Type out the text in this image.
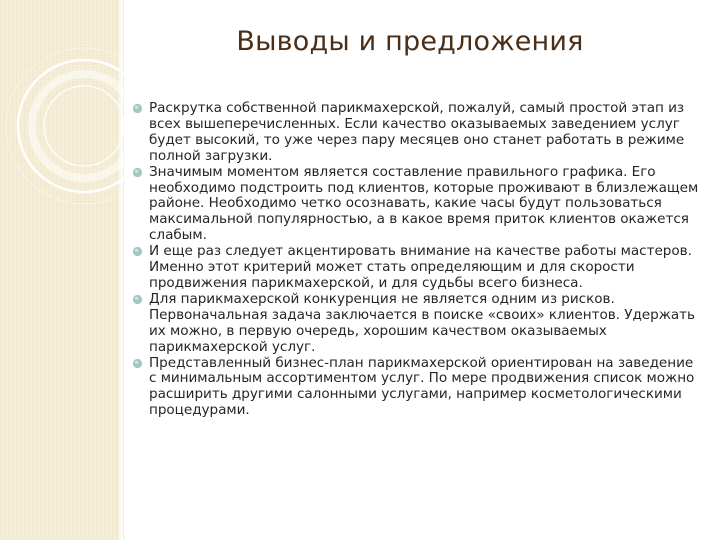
Выводы и предложения
Раскрутка собственной парикмахерской, пожалуй, самый простой этап из всех вышеперечисленных. Если качество оказываемых заведением услуг будет высокий, то уже через пару месяцев оно станет работать в режиме полной загрузки.
Значимым моментом является составление правильного графика. Его необходимо подстроить под клиентов, которые проживают в близлежащем районе. Необходимо четко осознавать, какие часы будут пользоваться максимальной популярностью, а в какое время приток клиентов окажется слабым.
И еще раз следует акцентировать внимание на качестве работы мастеров. Именно этот критерий может стать определяющим и для скорости продвижения парикмахерской, и для судьбы всего бизнеса.
Для парикмахерской конкуренция не является одним из рисков. Первоначальная задача заключается в поиске «своих» клиентов. Удержать их можно, в первую очередь, хорошим качеством оказываемых парикмахерской услуг.
Представленный бизнес-план парикмахерской ориентирован на заведение с минимальным ассортиментом услуг. По мере продвижения список можно расширить другими салонными услугами, например косметологическими процедурами.
